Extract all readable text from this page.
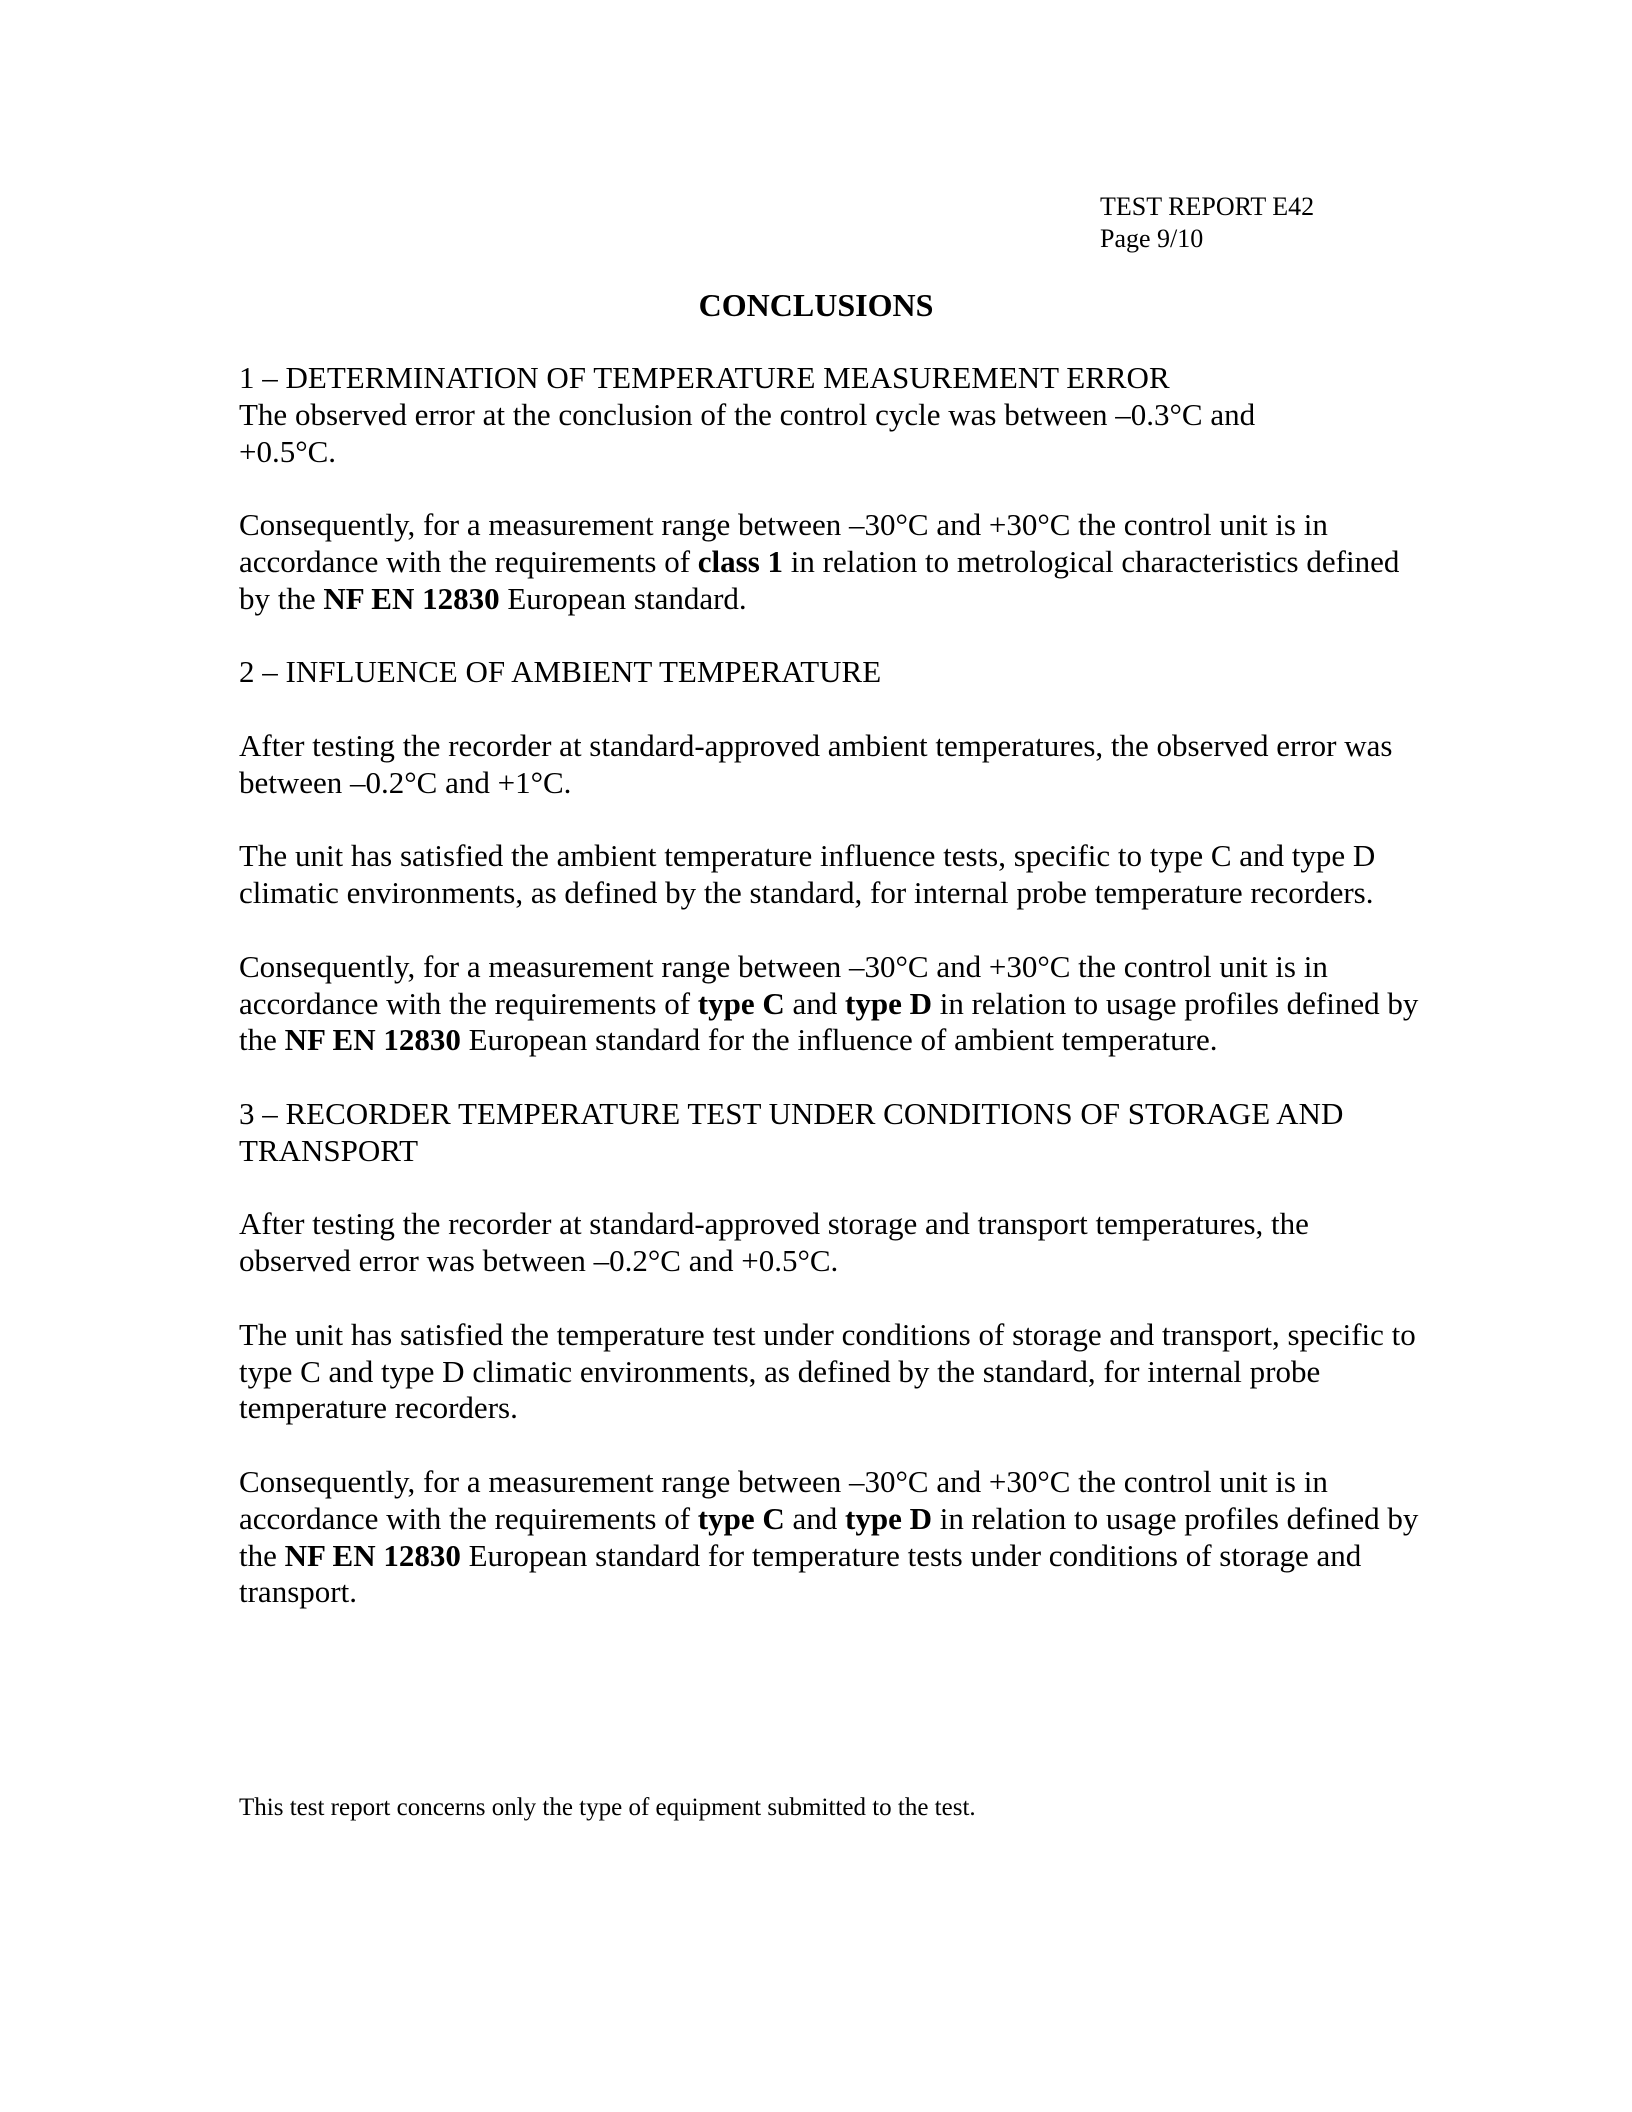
TEST REPORT E42
Page 9/10
CONCLUSIONS

1 – DETERMINATION OF TEMPERATURE MEASUREMENT ERROR

The observed error at the conclusion of the control cycle was between –0.3°C and
+0.5°C.

Consequently, for a measurement range between –30°C and +30°C the control unit is in accordance with the requirements of class 1 in relation to metrological characteristics defined by the NF EN 12830 European standard.

2 – INFLUENCE OF AMBIENT TEMPERATURE

After testing the recorder at standard-approved ambient temperatures, the observed error was between –0.2°C and +1°C.

The unit has satisfied the ambient temperature influence tests, specific to type C and type D climatic environments, as defined by the standard, for internal probe temperature recorders.

Consequently, for a measurement range between –30°C and +30°C the control unit is in accordance with the requirements of type C and type D in relation to usage profiles defined by the NF EN 12830 European standard for the influence of ambient temperature.

3 – RECORDER TEMPERATURE TEST UNDER CONDITIONS OF STORAGE AND TRANSPORT

After testing the recorder at standard-approved storage and transport temperatures, the observed error was between –0.2°C and +0.5°C.

The unit has satisfied the temperature test under conditions of storage and transport, specific to type C and type D climatic environments, as defined by the standard, for internal probe temperature recorders.

Consequently, for a measurement range between –30°C and +30°C the control unit is in accordance with the requirements of type C and type D in relation to usage profiles defined by the NF EN 12830 European standard for temperature tests under conditions of storage and transport.

This test report concerns only the type of equipment submitted to the test.
